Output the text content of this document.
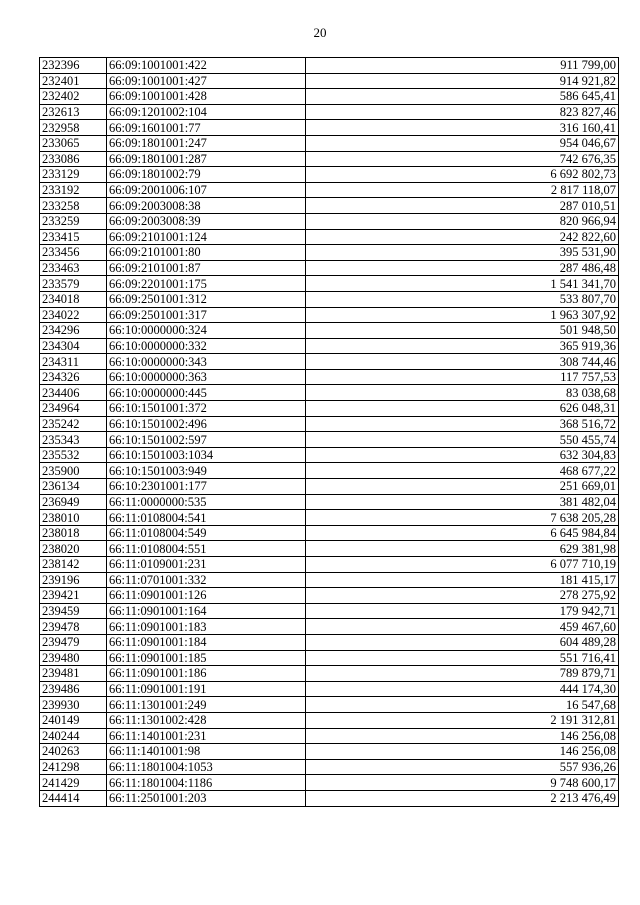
20
232396	66:09:1001001:422	911 799,00
232401	66:09:1001001:427	914 921,82
232402	66:09:1001001:428	586 645,41
232613	66:09:1201002:104	823 827,46
232958	66:09:1601001:77	316 160,41
233065	66:09:1801001:247	954 046,67
233086	66:09:1801001:287	742 676,35
233129	66:09:1801002:79	6 692 802,73
233192	66:09:2001006:107	2 817 118,07
233258	66:09:2003008:38	287 010,51
233259	66:09:2003008:39	820 966,94
233415	66:09:2101001:124	242 822,60
233456	66:09:2101001:80	395 531,90
233463	66:09:2101001:87	287 486,48
233579	66:09:2201001:175	1 541 341,70
234018	66:09:2501001:312	533 807,70
234022	66:09:2501001:317	1 963 307,92
234296	66:10:0000000:324	501 948,50
234304	66:10:0000000:332	365 919,36
234311	66:10:0000000:343	308 744,46
234326	66:10:0000000:363	117 757,53
234406	66:10:0000000:445	83 038,68
234964	66:10:1501001:372	626 048,31
235242	66:10:1501002:496	368 516,72
235343	66:10:1501002:597	550 455,74
235532	66:10:1501003:1034	632 304,83
235900	66:10:1501003:949	468 677,22
236134	66:10:2301001:177	251 669,01
236949	66:11:0000000:535	381 482,04
238010	66:11:0108004:541	7 638 205,28
238018	66:11:0108004:549	6 645 984,84
238020	66:11:0108004:551	629 381,98
238142	66:11:0109001:231	6 077 710,19
239196	66:11:0701001:332	181 415,17
239421	66:11:0901001:126	278 275,92
239459	66:11:0901001:164	179 942,71
239478	66:11:0901001:183	459 467,60
239479	66:11:0901001:184	604 489,28
239480	66:11:0901001:185	551 716,41
239481	66:11:0901001:186	789 879,71
239486	66:11:0901001:191	444 174,30
239930	66:11:1301001:249	16 547,68
240149	66:11:1301002:428	2 191 312,81
240244	66:11:1401001:231	146 256,08
240263	66:11:1401001:98	146 256,08
241298	66:11:1801004:1053	557 936,26
241429	66:11:1801004:1186	9 748 600,17
244414	66:11:2501001:203	2 213 476,49
